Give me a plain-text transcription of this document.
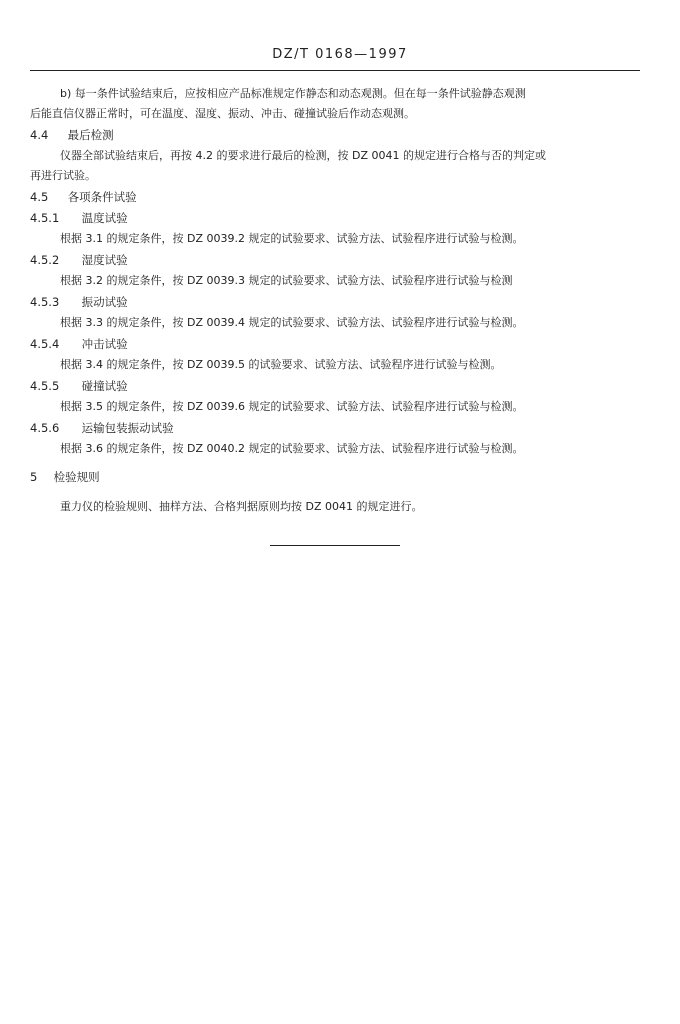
DZ/T 0168—1997
b) 每一条件试验结束后，应按相应产品标准规定作静态和动态观测。但在每一条件试验静态观测
后能直信仪器正常时，可在温度、湿度、振动、冲击、碰撞试验后作动态观测。
4.4 最后检测
仪器全部试验结束后，再按 4.2 的要求进行最后的检测，按 DZ 0041 的规定进行合格与否的判定或
再进行试验。
4.5 各项条件试验
4.5.1 温度试验
根据 3.1 的规定条件，按 DZ 0039.2 规定的试验要求、试验方法、试验程序进行试验与检测。
4.5.2 湿度试验
根据 3.2 的规定条件，按 DZ 0039.3 规定的试验要求、试验方法、试验程序进行试验与检测
4.5.3 振动试验
根据 3.3 的规定条件，按 DZ 0039.4 规定的试验要求、试验方法、试验程序进行试验与检测。
4.5.4 冲击试验
根据 3.4 的规定条件，按 DZ 0039.5 的试验要求、试验方法、试验程序进行试验与检测。
4.5.5 碰撞试验
根据 3.5 的规定条件，按 DZ 0039.6 规定的试验要求、试验方法、试验程序进行试验与检测。
4.5.6 运输包装振动试验
根据 3.6 的规定条件，按 DZ 0040.2 规定的试验要求、试验方法、试验程序进行试验与检测。
5 检验规则
重力仪的检验规则、抽样方法、合格判据原则均按 DZ 0041 的规定进行。
